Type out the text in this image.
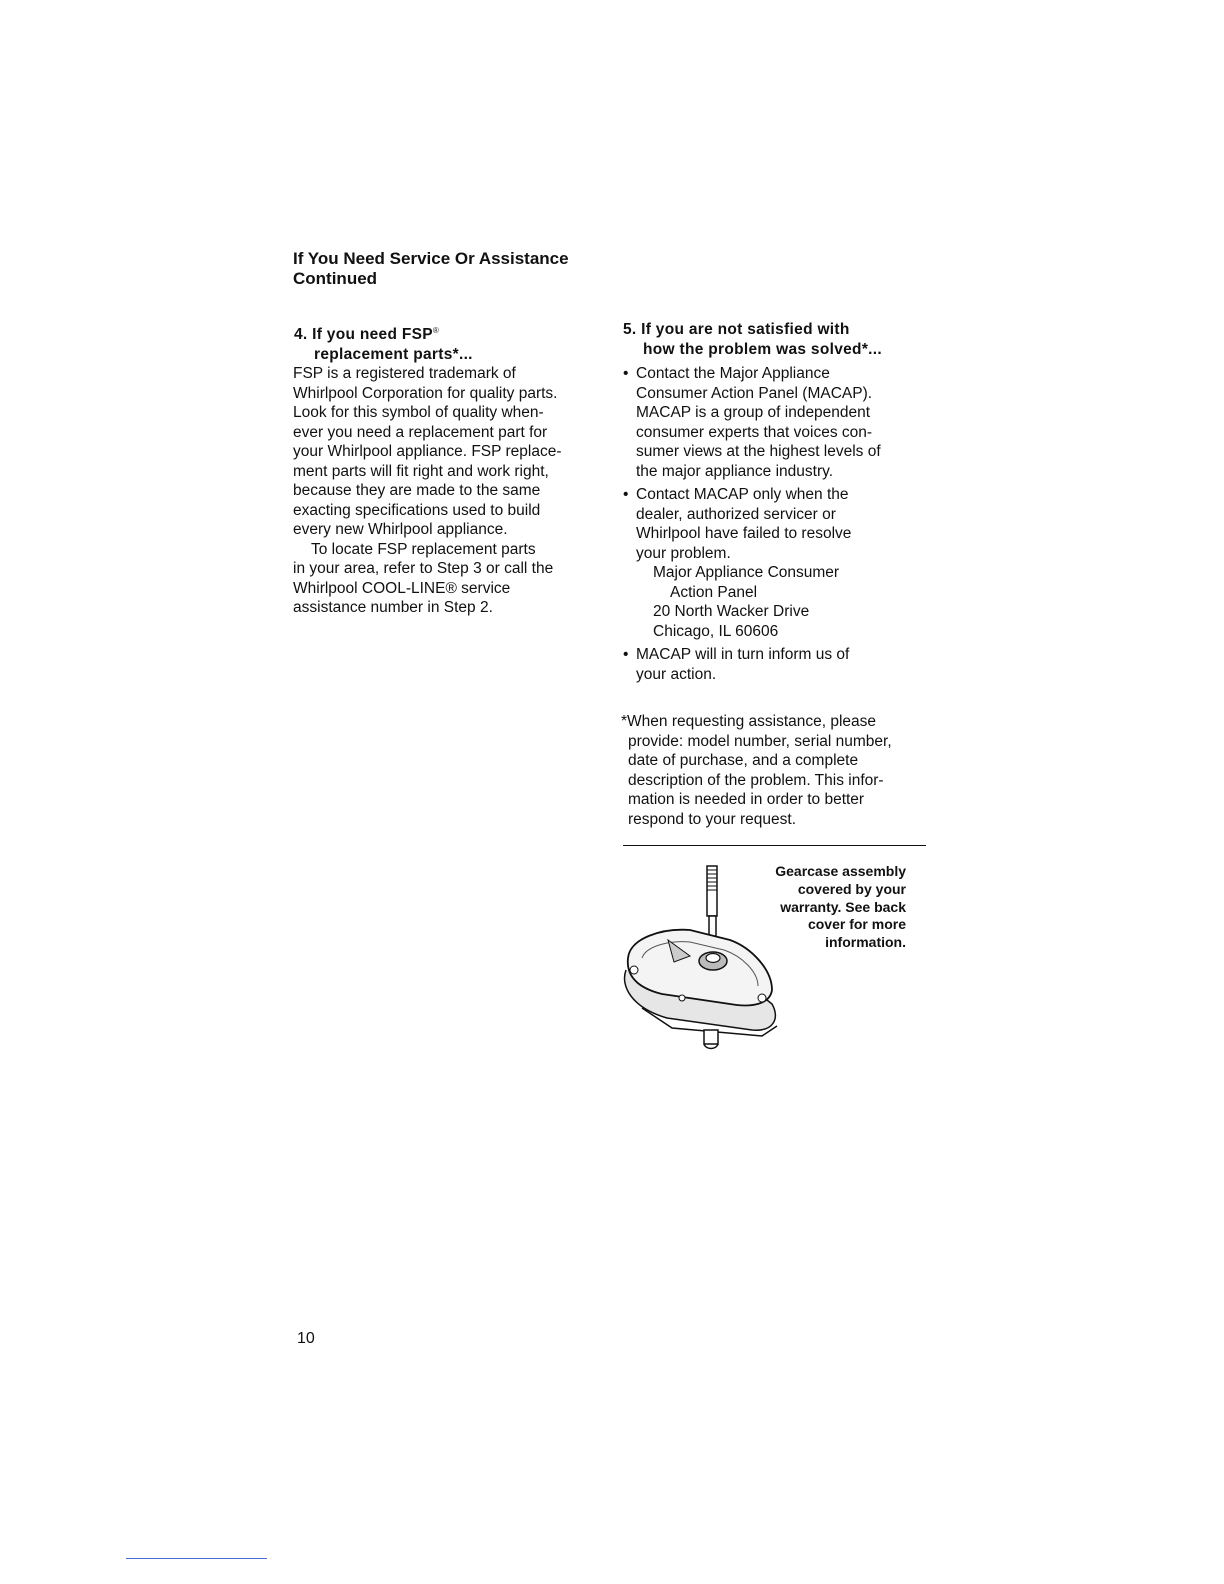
If You Need Service Or Assistance
Continued
4. If you need FSP®
replacement parts*...

FSP is a registered trademark of
Whirlpool Corporation for quality parts.
Look for this symbol of quality when-
ever you need a replacement part for
your Whirlpool appliance. FSP replace-
ment parts will fit right and work right,
because they are made to the same
exacting specifications used to build
every new Whirlpool appliance.

To locate FSP replacement parts
in your area, refer to Step 3 or call the
Whirlpool COOL-LINE® service
assistance number in Step 2.

5. If you are not satisfied with
how the problem was solved*...
• Contact the Major Appliance
Consumer Action Panel (MACAP).
MACAP is a group of independent
consumer experts that voices con-
sumer views at the highest levels of
the major appliance industry.
• Contact MACAP only when the
dealer, authorized servicer or
Whirlpool have failed to resolve
your problem.
Major Appliance Consumer
Action Panel
20 North Wacker Drive
Chicago, IL 60606
• MACAP will in turn inform us of
your action.
*When requesting assistance, please
provide: model number, serial number,
date of purchase, and a complete
description of the problem. This infor-
mation is needed in order to better
respond to your request.
Gearcase assembly
covered by your
warranty. See back
cover for more
information.
10
